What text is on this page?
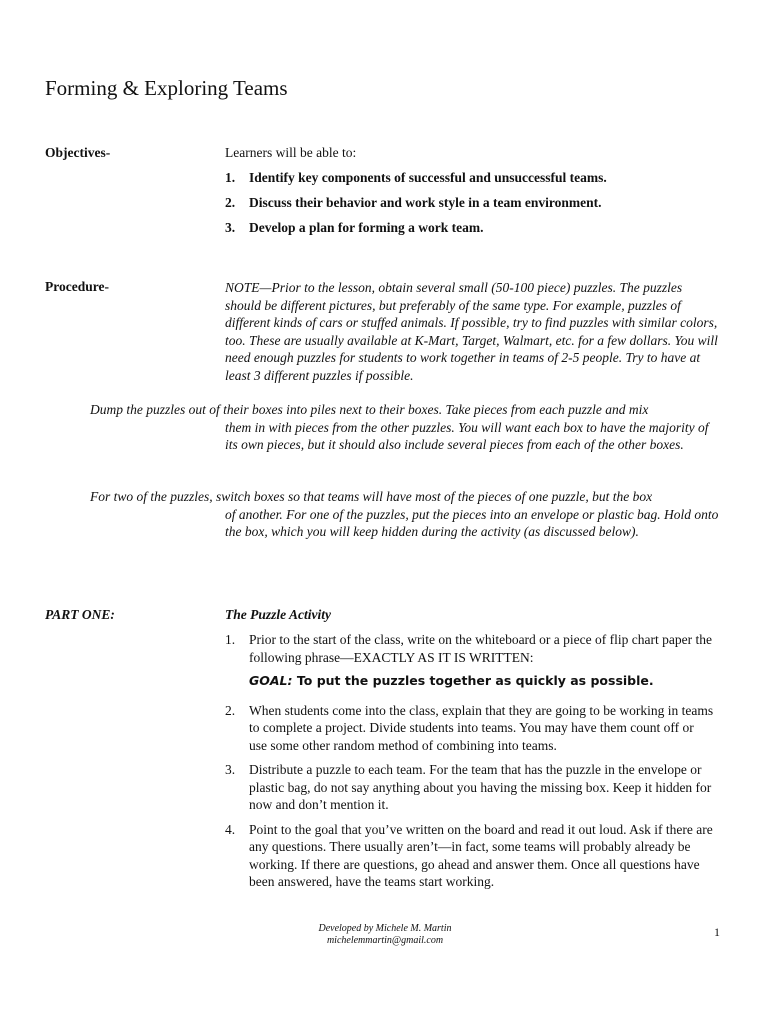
Forming & Exploring Teams
Objectives-	Learners will be able to:
1. Identify key components of successful and unsuccessful teams.
2. Discuss their behavior and work style in a team environment.
3. Develop a plan for forming a work team.
Procedure-	NOTE—Prior to the lesson, obtain several small (50-100 piece) puzzles. The puzzles should be different pictures, but preferably of the same type. For example, puzzles of different kinds of cars or stuffed animals. If possible, try to find puzzles with similar colors, too. These are usually available at K-Mart, Target, Walmart, etc. for a few dollars. You will need enough puzzles for students to work together in teams of 2-5 people. Try to have at least 3 different puzzles if possible.

Dump the puzzles out of their boxes into piles next to their boxes. Take pieces from each puzzle and mix
them in with pieces from the other puzzles. You will want each box to have the majority of its own pieces, but it should also include several pieces from each of the other boxes.

For two of the puzzles, switch boxes so that teams will have most of the pieces of one puzzle, but the box
of another. For one of the puzzles, put the pieces into an envelope or plastic bag. Hold onto the box, which you will keep hidden during the activity (as discussed below).

PART ONE:	The Puzzle Activity
1. Prior to the start of the class, write on the whiteboard or a piece of flip chart paper the following phrase—EXACTLY AS IT IS WRITTEN:
GOAL: To put the puzzles together as quickly as possible.
2. When students come into the class, explain that they are going to be working in teams to complete a project. Divide students into teams. You may have them count off or use some other random method of combining into teams.
3. Distribute a puzzle to each team. For the team that has the puzzle in the envelope or plastic bag, do not say anything about you having the missing box. Keep it hidden for now and don’t mention it.
4. Point to the goal that you’ve written on the board and read it out loud. Ask if there are any questions. There usually aren’t—in fact, some teams will probably already be working. If there are questions, go ahead and answer them. Once all questions have been answered, have the teams start working.
Developed by Michele M. Martin
michelemmartin@gmail.com
1
